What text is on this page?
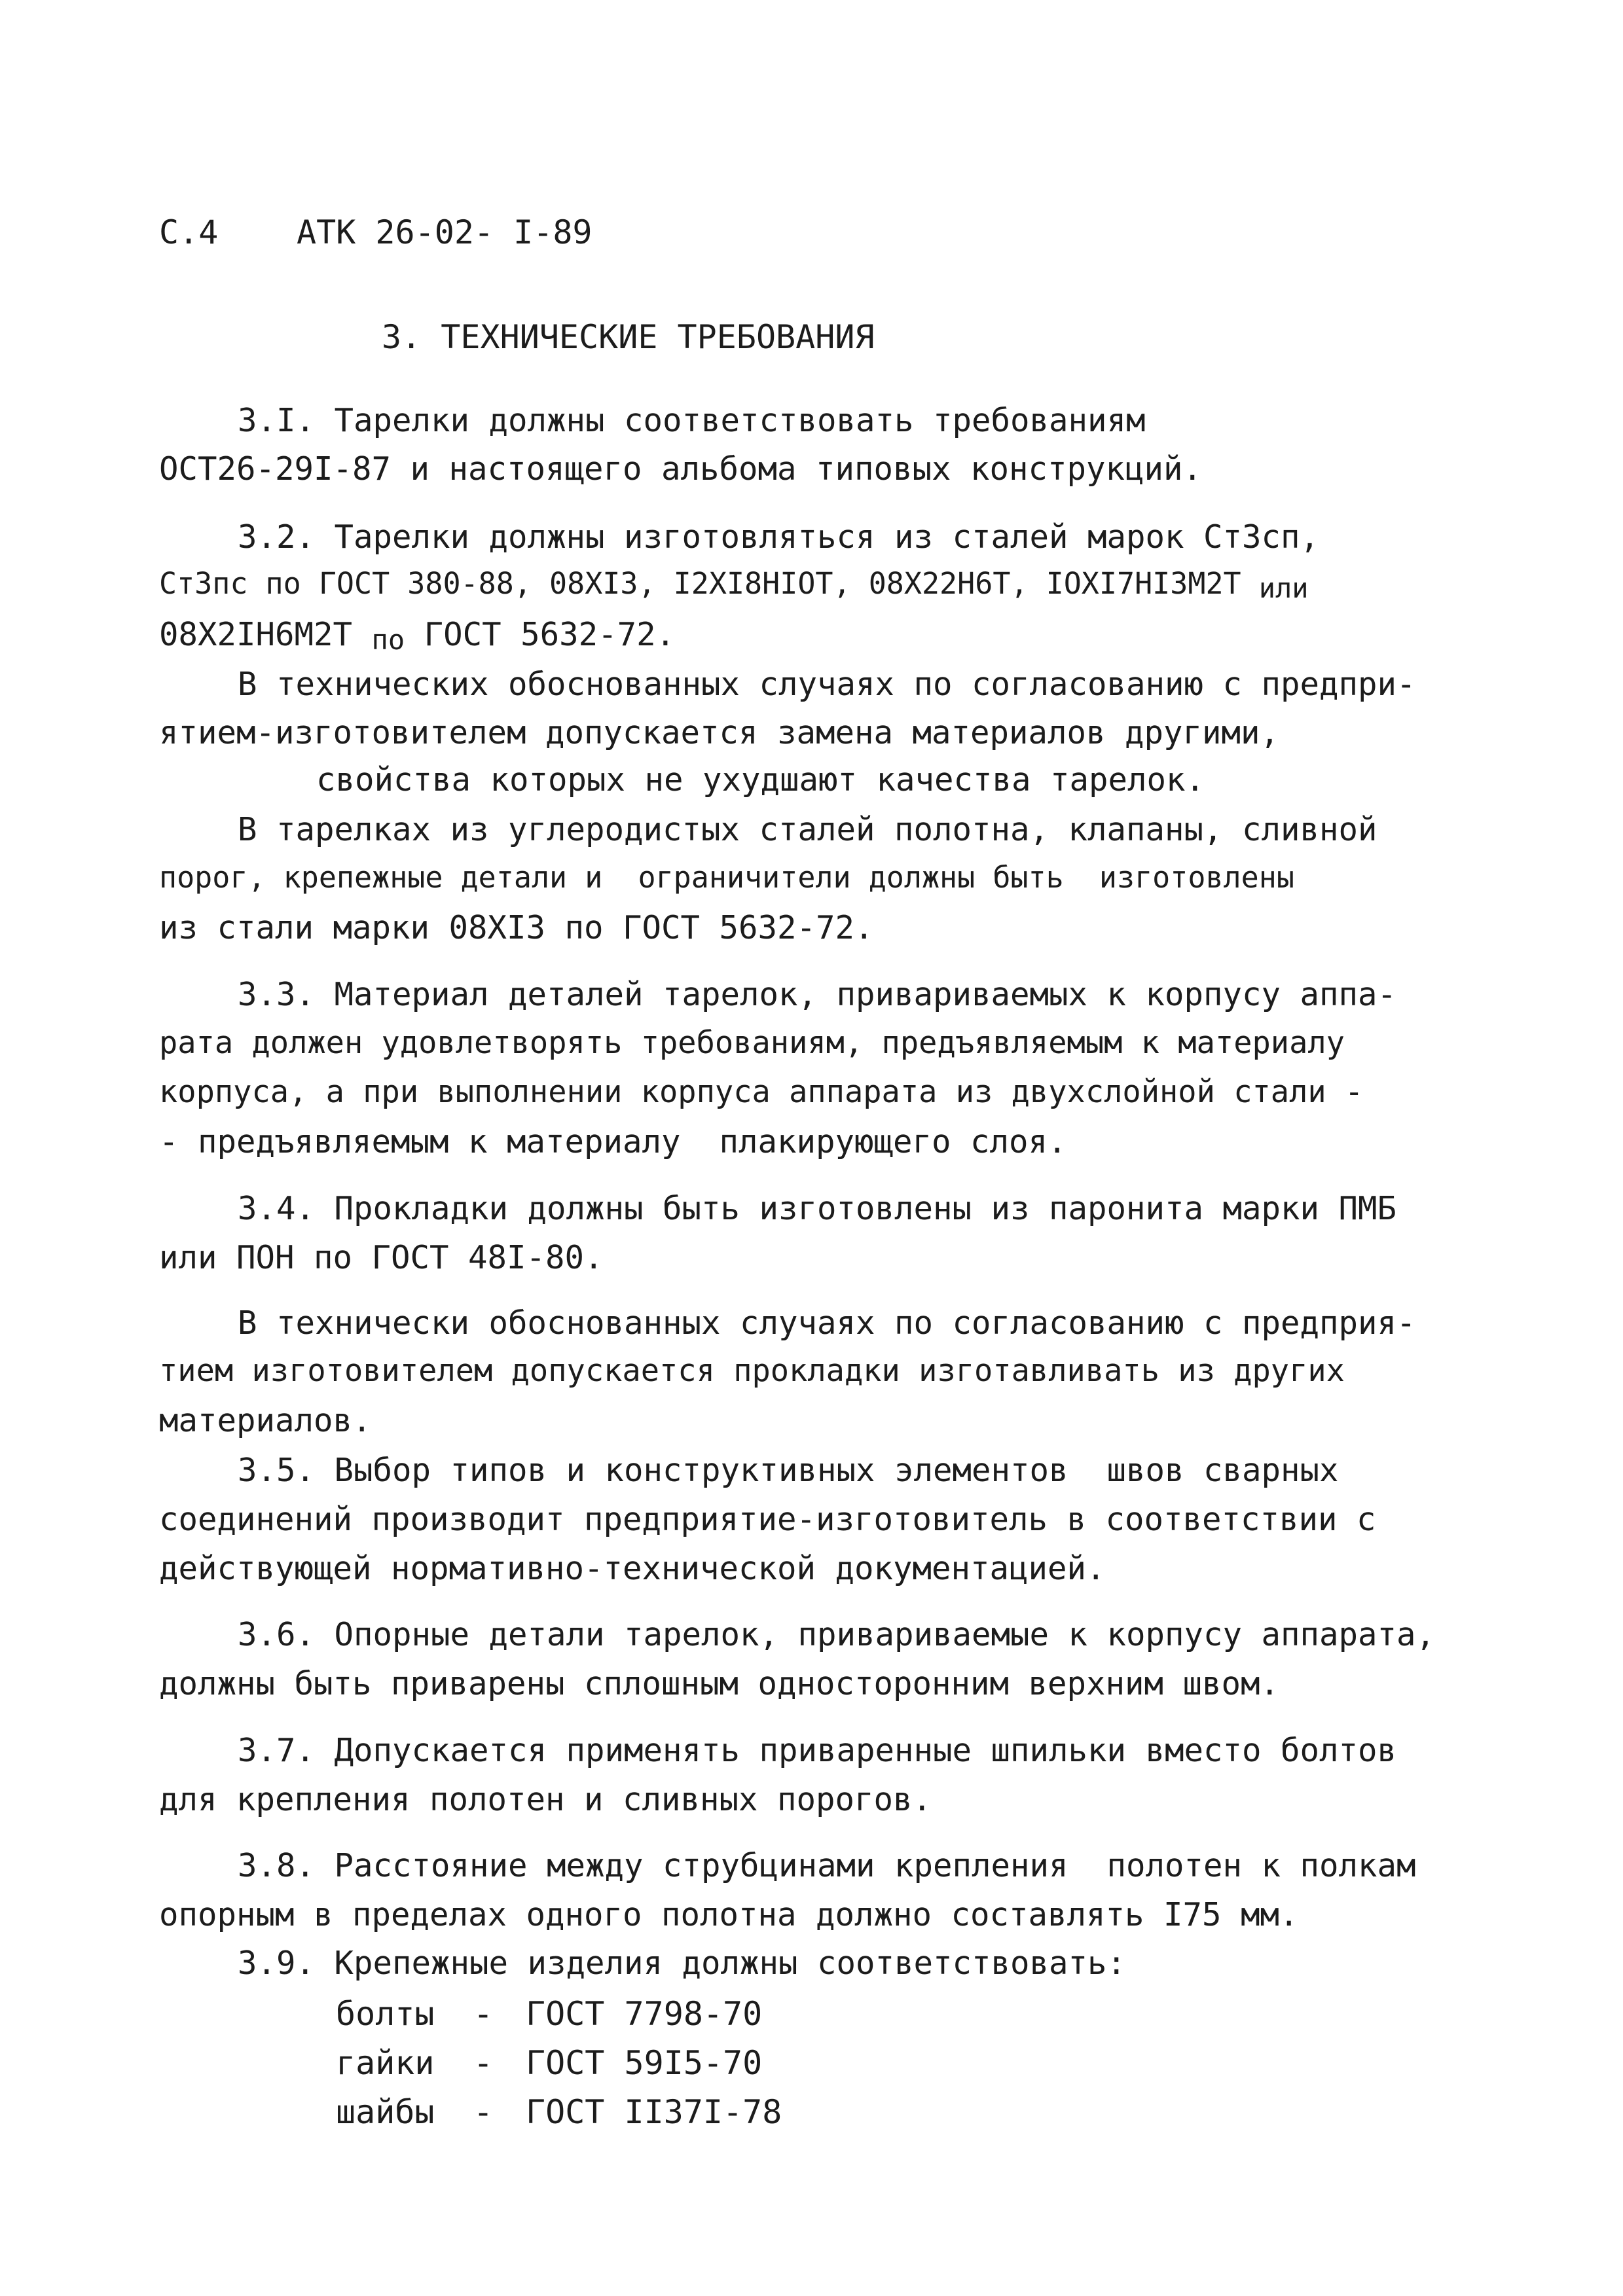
С.4 АТК 26-02- I-89
3. ТЕХНИЧЕСКИЕ ТРЕБОВАНИЯ
3.I. Тарелки должны соответствовать требованиям
ОСТ26-29I-87 и настоящего альбома типовых конструкций.
3.2. Тарелки должны изготовляться из сталей марок Ст3сп,
Ст3пс по ГОСТ 380-88, 08ХI3, I2ХI8НIОТ, 08Х22Н6Т, IОХI7НI3М2Т или
08Х2IН6М2Т по ГОСТ 5632-72.
В технических обоснованных случаях по согласованию с предпри-
ятием-изготовителем допускается замена материалов другими,
свойства которых не ухудшают качества тарелок.
В тарелках из углеродистых сталей полотна, клапаны, сливной
порог, крепежные детали и  ограничители должны быть  изготовлены
из стали марки 08ХI3 по ГОСТ 5632-72.
3.3. Материал деталей тарелок, привариваемых к корпусу аппа-
рата должен удовлетворять требованиям, предъявляемым к материалу
корпуса, а при выполнении корпуса аппарата из двухслойной стали -
- предъявляемым к материалу  плакирующего слоя.
3.4. Прокладки должны быть изготовлены из паронита марки ПМБ
или ПОН по ГОСТ 48I-80.
В технически обоснованных случаях по согласованию с предприя-
тием изготовителем допускается прокладки изготавливать из других
материалов.
3.5. Выбор типов и конструктивных элементов  швов сварных
соединений производит предприятие-изготовитель в соответствии с
действующей нормативно-технической документацией.
3.6. Опорные детали тарелок, привариваемые к корпусу аппарата,
должны быть приварены сплошным односторонним верхним швом.
3.7. Допускается применять приваренные шпильки вместо болтов
для крепления полотен и сливных порогов.
3.8. Расстояние между струбцинами крепления  полотен к полкам
опорным в пределах одного полотна должно составлять I75 мм.
3.9. Крепежные изделия должны соответствовать:
болты - ГОСТ 7798-70
гайки - ГОСТ 59I5-70
шайбы - ГОСТ II37I-78
